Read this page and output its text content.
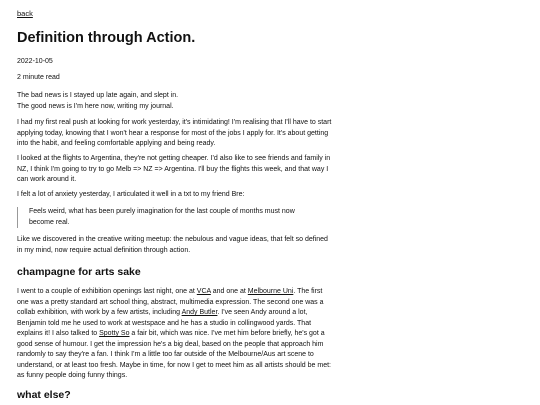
back
Definition through Action.
2022-10-05
2 minute read

The bad news is I stayed up late again, and slept in.
The good news is I'm here now, writing my journal.

I had my first real push at looking for work yesterday, it's intimidating! I'm realising that I'll have to start
applying today, knowing that I won't hear a response for most of the jobs I apply for. It's about getting
into the habit, and feeling comfortable applying and being ready.

I looked at the flights to Argentina, they're not getting cheaper. I'd also like to see friends and family in
NZ, I think I'm going to try to go Melb => NZ => Argentina. I'll buy the flights this week, and that way I
can work around it.

I felt a lot of anxiety yesterday, I articulated it well in a txt to my friend Bre:

Feels weird, what has been purely imagination for the last couple of months must now
become real.

Like we discovered in the creative writing meetup: the nebulous and vague ideas, that felt so defined
in my mind, now require actual definition through action.

champagne for arts sake

I went to a couple of exhibition openings last night, one at VCA and one at Melbourne Uni. The first
one was a pretty standard art school thing, abstract, multimedia expression. The second one was a
collab exhibition, with work by a few artists, including Andy Butler. I've seen Andy around a lot,
Benjamin told me he used to work at westspace and he has a studio in collingwood yards. That
explains it! I also talked to Spotty So a fair bit, which was nice. I've met him before briefly, he's got a
good sense of humour. I get the impression he's a big deal, based on the people that approach him
randomly to say they're a fan. I think I'm a little too far outside of the Melbourne/Aus art scene to
understand, or at least too fresh. Maybe in time, for now I get to meet him as all artists should be met:
as funny people doing funny things.

what else?
